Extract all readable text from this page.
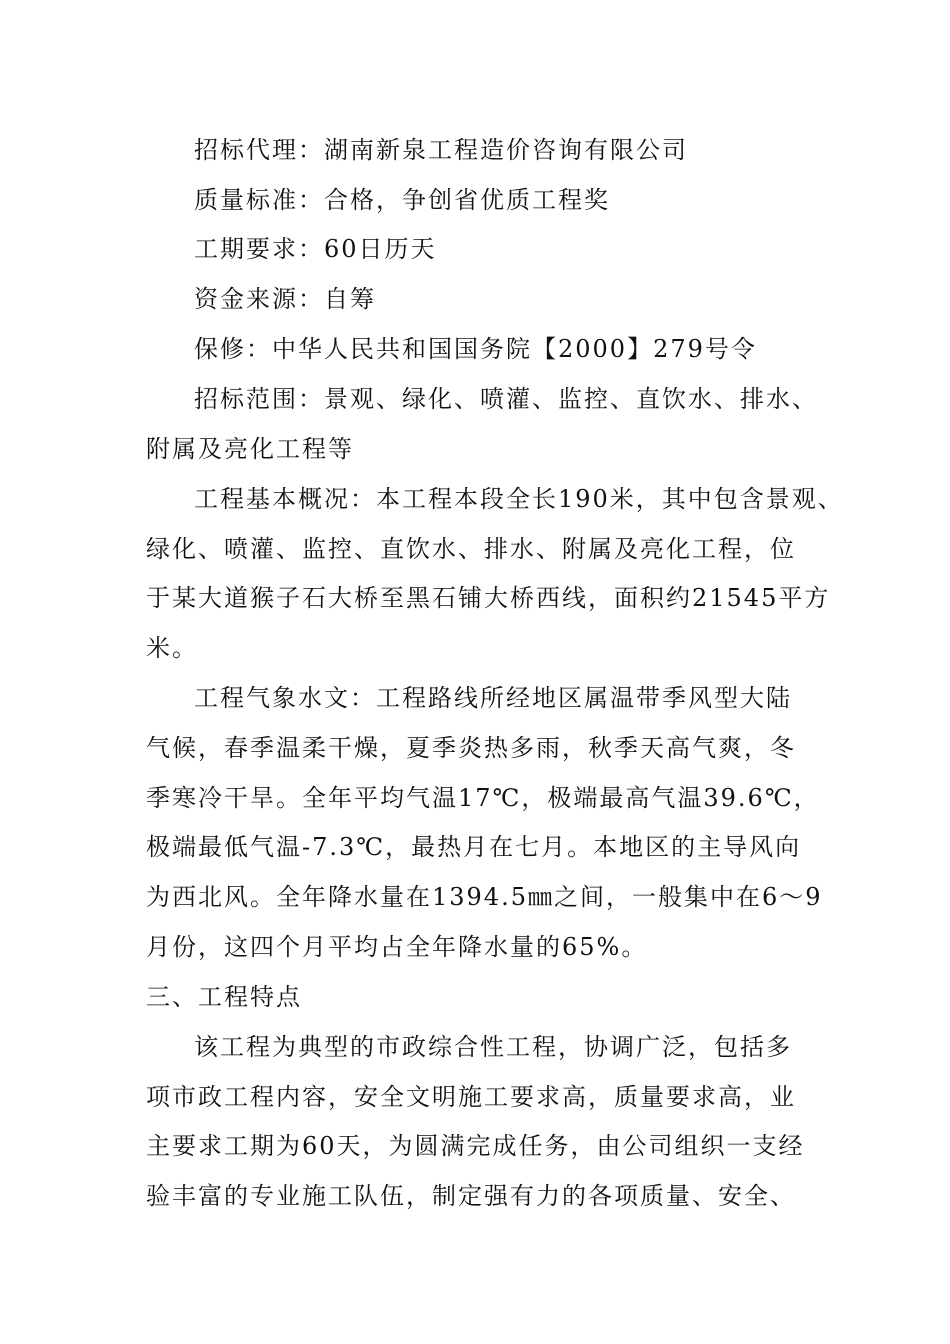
招标代理：湖南新泉工程造价咨询有限公司
质量标准：合格，争创省优质工程奖
工期要求：60日历天
资金来源：自筹
保修：中华人民共和国国务院【2000】279号令
招标范围：景观、绿化、喷灌、监控、直饮水、排水、
附属及亮化工程等
工程基本概况：本工程本段全长190米，其中包含景观、
绿化、喷灌、监控、直饮水、排水、附属及亮化工程，位
于某大道猴子石大桥至黑石铺大桥西线，面积约21545平方
米。
工程气象水文：工程路线所经地区属温带季风型大陆
气候，春季温柔干燥，夏季炎热多雨，秋季天高气爽，冬
季寒冷干旱。全年平均气温17℃，极端最高气温39.6℃，
极端最低气温-7.3℃，最热月在七月。本地区的主导风向
为西北风。全年降水量在1394.5㎜之间，一般集中在6～9
月份，这四个月平均占全年降水量的65%。
三、工程特点
该工程为典型的市政综合性工程，协调广泛，包括多
项市政工程内容，安全文明施工要求高，质量要求高，业
主要求工期为60天，为圆满完成任务，由公司组织一支经
验丰富的专业施工队伍，制定强有力的各项质量、安全、
